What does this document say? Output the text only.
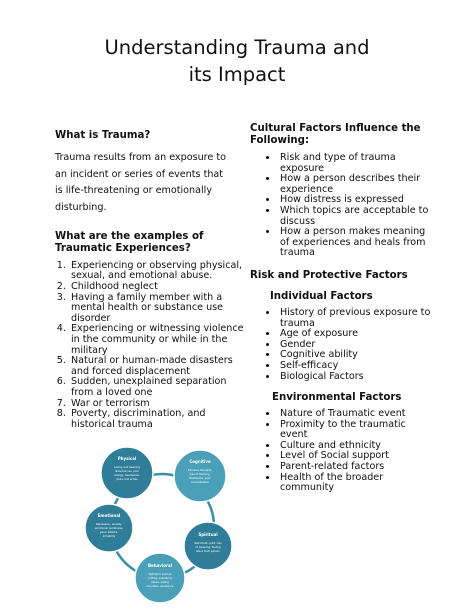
Understanding Trauma and
its Impact

What is Trauma?

Trauma results from an exposure to
an incident or series of events that
is life-threatening or emotionally
disturbing.

What are the examples of

Traumatic Experiences?

1. Experiencing or observing physical, sexual, and emotional abuse.
2. Childhood neglect
3. Having a family member with a mental health or substance use disorder
4. Experiencing or witnessing violence in the community or while in the military
5. Natural or human-made disasters and forced displacement
6. Sudden, unexplained separation from a loved one
7. War or terrorism
8. Poverty, discrimination, and historical trauma

Cultural Factors Influence the

Following:

• Risk and type of trauma exposure
• How a person describes their experience
• How distress is expressed
• Which topics are acceptable to discuss
• How a person makes meaning of experiences and heals from trauma

Risk and Protective Factors

Individual Factors

• History of previous exposure to trauma
• Age of exposure
• Gender
• Cognitive ability
• Self-efficacy
• Biological Factors

Environmental Factors

• Nature of Traumatic event
• Proximity to the traumatic event
• Culture and ethnicity
• Level of Social support
• Parent-related factors
• Health of the broader community
Physical
Losing and sleeping
disturbances, poor
energy, headaches,
pains and aches
Cognitive
Intrusive thoughts,
loss of memory,
flashbacks, poor
concentration
Spiritual
Self-doubt, guilt, loss
of meaning, feeling
like a 'bad' person
Behavioral
Self-harm such as
cutting, substance
abuse, eating
disorders, avoidance
Emotional
Depression, anxiety,
emotional numbness,
panic attacks,
irritability
